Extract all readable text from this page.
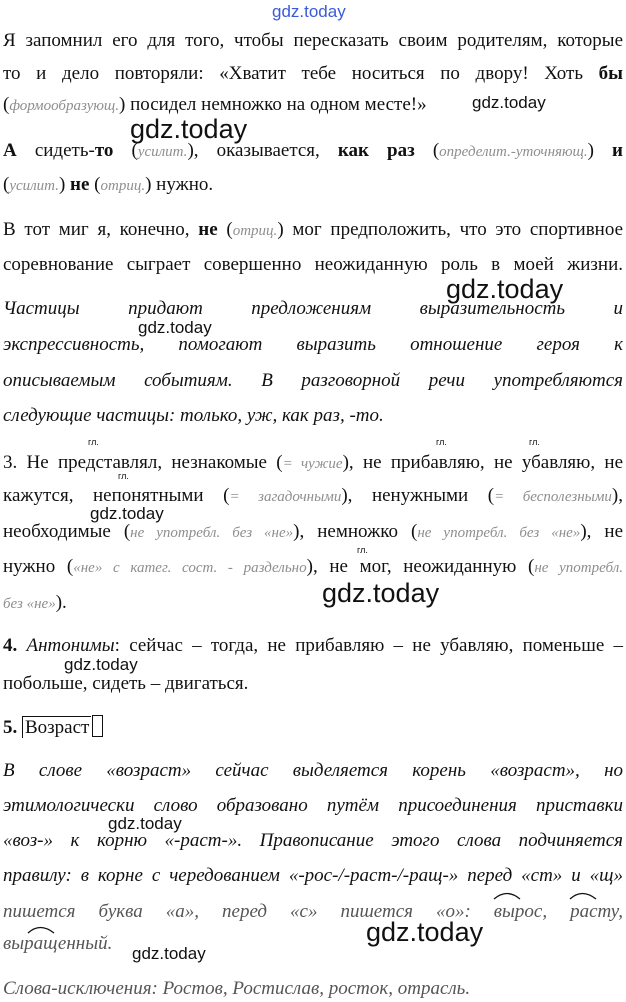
gdz.today
Я запомнил его для того, чтобы пересказать своим родителям, которые
то и дело повторяли: «Хватит тебе носиться по двору! Хоть бы
(формообразующ.) посидел немножко на одном месте!»	gdz.today
gdz.today
А сидеть-то (усилит.), оказывается, как раз (определит.-уточняющ.) и
(усилит.) не (отриц.) нужно.
В тот миг я, конечно, не (отриц.) мог предположить, что это спортивное
соревнование сыграет совершенно неожиданную роль в моей жизни.
gdz.today
Частицы придают предложениям выразительность и
gdz.today
экспрессивность, помогают выразить отношение героя к
описываемым событиям. В разговорной речи употребляются
следующие частицы: только, уж, как раз, -то.
3. Не представлял, незнакомые (= чужие), не прибавляю, не убавляю, не
гл.	гл.	гл.
гл.
кажутся, непонятными (= загадочными), ненужными (= бесполезными),
gdz.today
необходимые (не употребл. без «не»), немножко (не употребл. без «не»), не
гл.
нужно («не» с катег. сост. - раздельно), не мог, неожиданную (не употребл.
без «не»).	gdz.today
4. Антонимы: сейчас – тогда, не прибавляю – не убавляю, поменьше –
gdz.today
побольше, сидеть – двигаться.
5. Возраст
В слове «возраст» сейчас выделяется корень «возраст», но
этимологически слово образовано путём присоединения приставки
gdz.today
«воз-» к корню «-раст-». Правописание этого слова подчиняется
правилу: в корне с чередованием «-рос-/-раст-/-ращ-» перед «ст» и «щ»
пишется буква «а», перед «с» пишется «о»: вырос, расту,
выращенный.	gdz.today
gdz.today
Слова-исключения: Ростов, Ростислав, росток, отрасль.
